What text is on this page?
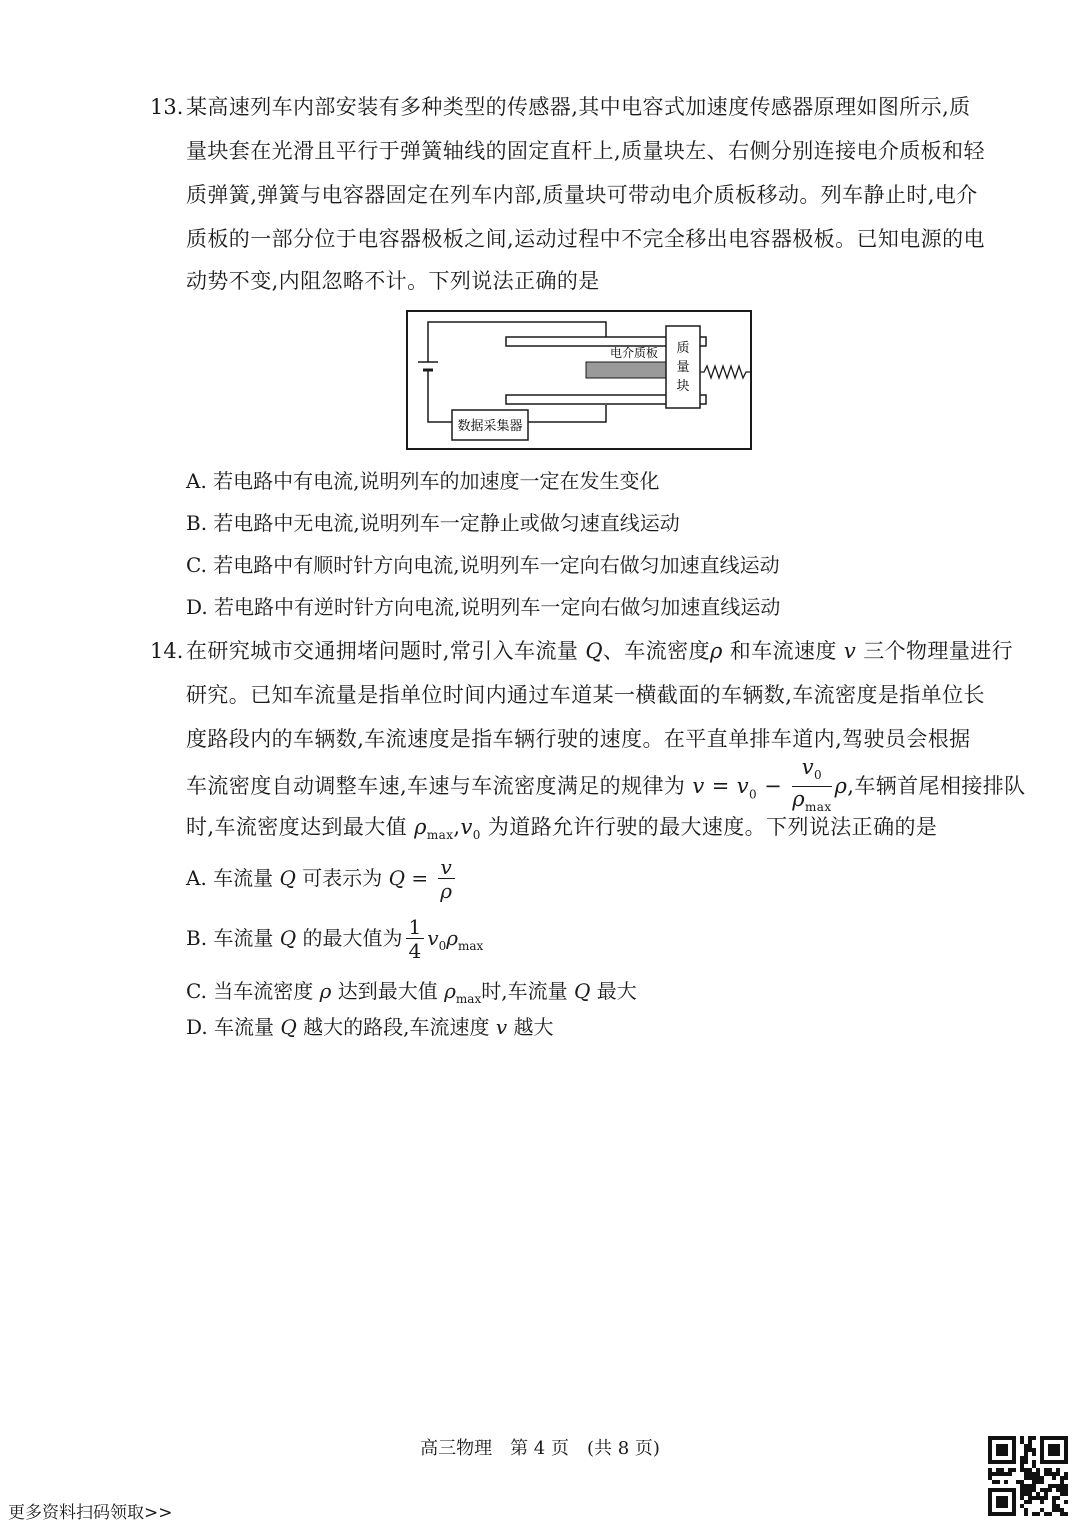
13. 某高速列车内部安装有多种类型的传感器,其中电容式加速度传感器原理如图所示,质
量块套在光滑且平行于弹簧轴线的固定直杆上,质量块左、右侧分别连接电介质板和轻
质弹簧,弹簧与电容器固定在列车内部,质量块可带动电介质板移动。列车静止时,电介
质板的一部分位于电容器极板之间,运动过程中不完全移出电容器极板。已知电源的电
动势不变,内阻忽略不计。下列说法正确的是
数据采集器
电介质板 质
量
块
A. 若电路中有电流,说明列车的加速度一定在发生变化
B. 若电路中无电流,说明列车一定静止或做匀速直线运动
C. 若电路中有顺时针方向电流,说明列车一定向右做匀加速直线运动
D. 若电路中有逆时针方向电流,说明列车一定向右做匀加速直线运动
14. 在研究城市交通拥堵问题时,常引入车流量 Q、车流密度ρ 和车流速度 v 三个物理量进行
研究。已知车流量是指单位时间内通过车道某一横截面的车辆数,车流密度是指单位长
度路段内的车辆数,车流速度是指车辆行驶的速度。在平直单排车道内,驾驶员会根据
车流密度自动调整车速,车速与车流密度满足的规律为 $v = v_0 - \frac{v_0}{\rho_{max}} \rho$,车辆首尾相接排队
时,车流密度达到最大值 $\rho_{max},v_0$ 为道路允许行驶的最大速度。下列说法正确的是
A. 车流量 Q 可表示为 $Q = \frac{v}{\rho}$
B. 车流量 Q 的最大值为 $\frac{1}{4} v_0\rho_{max}$
C. 当车流密度 ρ 达到最大值 $\rho_{max}$时,车流量 Q 最大
D. 车流量 Q 越大的路段,车流速度 v 越大
高三物理　第 4 页　(共 8 页)
更多资料扫码领取>>
